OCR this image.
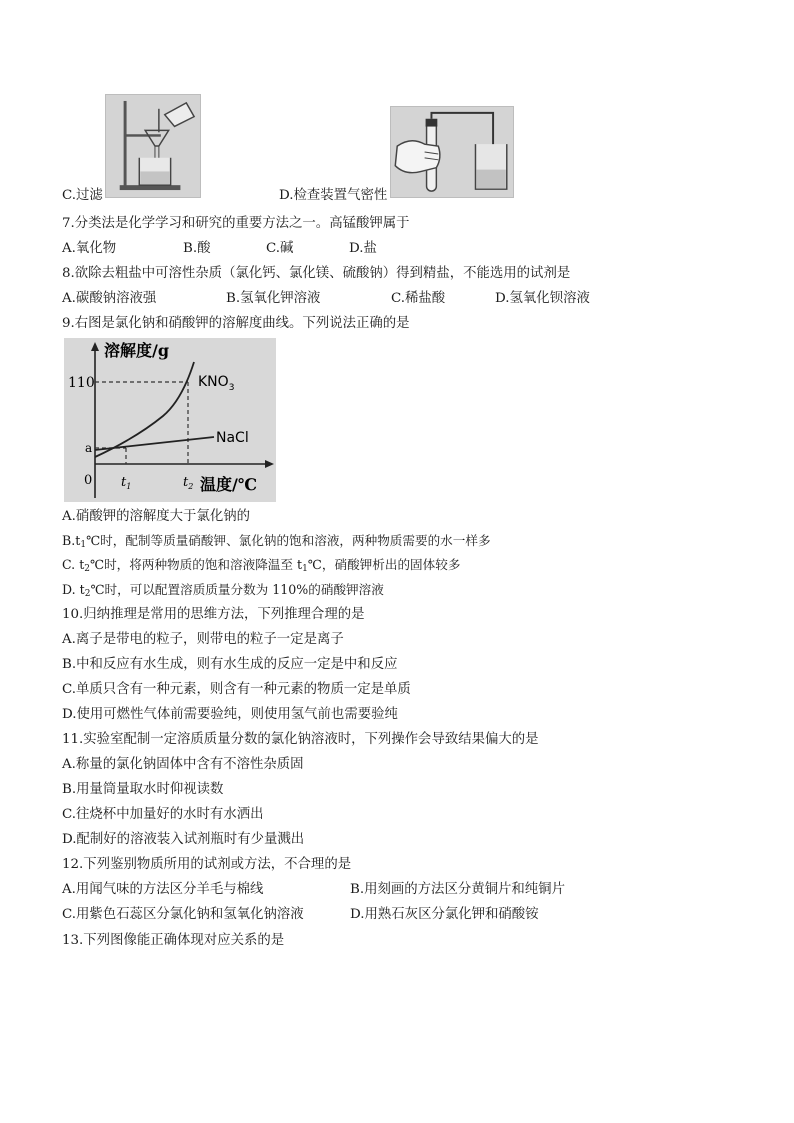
C.过滤	D.检查装置气密性
7.分类法是化学学习和研究的重要方法之一。高锰酸钾属于
A.氧化物	B.酸	C.碱	D.盐
8.欲除去粗盐中可溶性杂质（氯化钙、氯化镁、硫酸钠）得到精盐，不能选用的试剂是
A.碳酸钠溶液强	B.氢氧化钾溶液	C.稀盐酸	D.氢氧化钡溶液
9.右图是氯化钠和硝酸钾的溶解度曲线。下列说法正确的是
溶解度/g
110
a
0 $t_1$	$t_2$ 温度/℃
$KNO_3$
NaCl
A.硝酸钾的溶解度大于氯化钠的
$B.t_1℃$时，配制等质量硝酸钾、氯化钠的饱和溶液，两种物质需要的水一样多
C. $t_2℃$时，将两种物质的饱和溶液降温至 $t_1℃$，硝酸钾析出的固体较多
D. $t_2℃$时，可以配置溶质质量分数为 110%的硝酸钾溶液
10.归纳推理是常用的思维方法，下列推理合理的是
A.离子是带电的粒子，则带电的粒子一定是离子
B.中和反应有水生成，则有水生成的反应一定是中和反应
C.单质只含有一种元素，则含有一种元素的物质一定是单质
D.使用可燃性气体前需要验纯，则使用氢气前也需要验纯
11.实验室配制一定溶质质量分数的氯化钠溶液时，下列操作会导致结果偏大的是
A.称量的氯化钠固体中含有不溶性杂质固
B.用量筒量取水时仰视读数
C.往烧杯中加量好的水时有水洒出
D.配制好的溶液装入试剂瓶时有少量溅出
12.下列鉴别物质所用的试剂或方法，不合理的是
A.用闻气味的方法区分羊毛与棉线	B.用刻画的方法区分黄铜片和纯铜片
C.用紫色石蕊区分氯化钠和氢氧化钠溶液	D.用熟石灰区分氯化钾和硝酸铵
13.下列图像能正确体现对应关系的是
